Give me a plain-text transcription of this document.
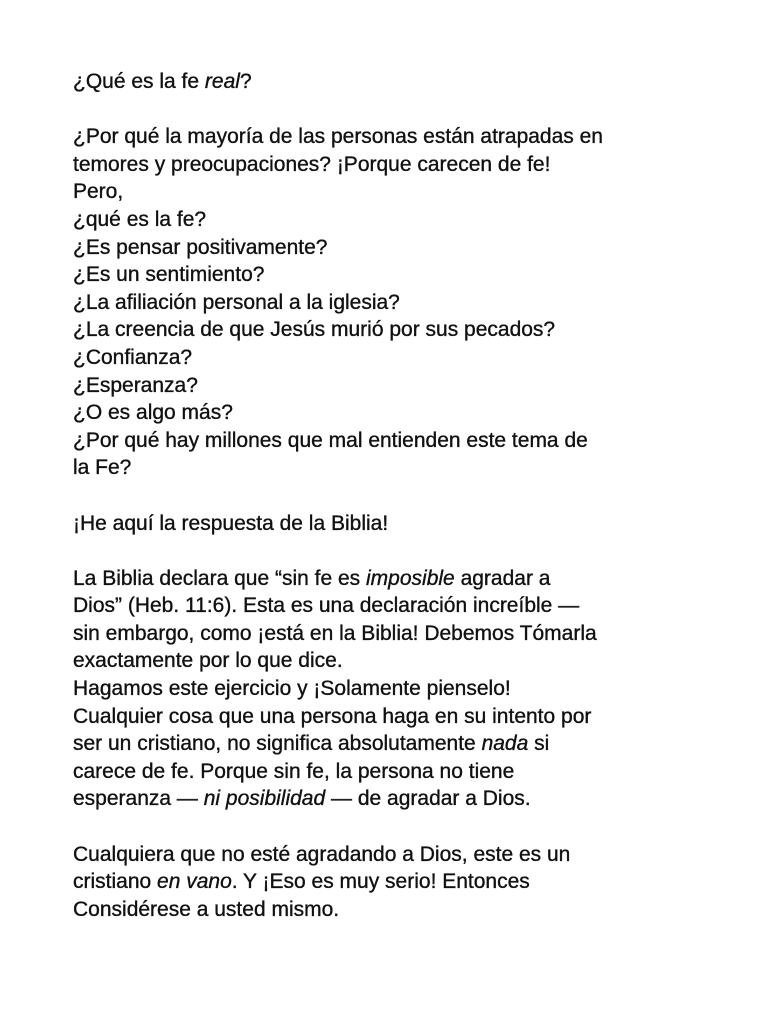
¿Qué es la fe real?
¿Por qué la mayoría de las personas están atrapadas en
temores y preocupaciones? ¡Porque carecen de fe!
Pero,
¿qué es la fe?
¿Es pensar positivamente?
¿Es un sentimiento?
¿La afiliación personal a la iglesia?
¿La creencia de que Jesús murió por sus pecados?
¿Confianza?
¿Esperanza?
¿O es algo más?
¿Por qué hay millones que mal entienden este tema de
la Fe?
¡He aquí la respuesta de la Biblia!
La Biblia declara que “sin fe es imposible agradar a
Dios” (Heb. 11:6). Esta es una declaración increíble —
sin embargo, como ¡está en la Biblia! Debemos Tómarla
exactamente por lo que dice.
Hagamos este ejercicio y ¡Solamente pienselo!
Cualquier cosa que una persona haga en su intento por
ser un cristiano, no significa absolutamente nada si
carece de fe. Porque sin fe, la persona no tiene
esperanza — ni posibilidad — de agradar a Dios.
Cualquiera que no esté agradando a Dios, este es un
cristiano en vano. Y ¡Eso es muy serio! Entonces
Considérese a usted mismo.
